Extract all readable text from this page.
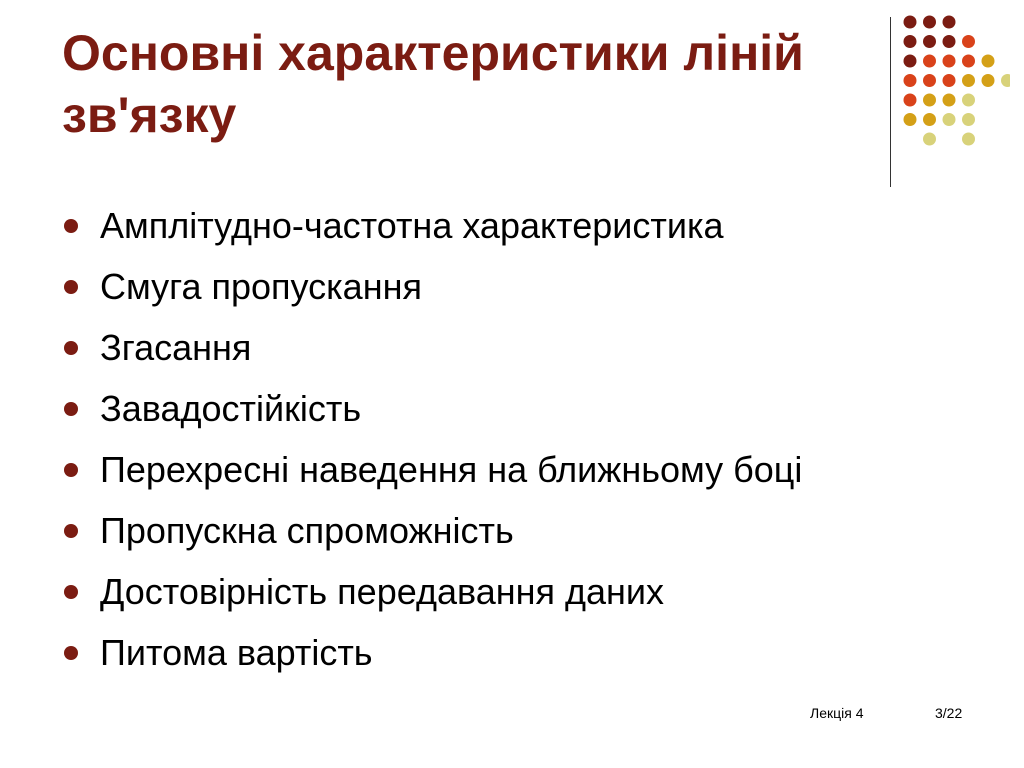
Основні характеристики ліній
зв'язку
Амплітудно-частотна характеристика
Смуга пропускання
Згасання
Завадостійкість
Перехресні наведення на ближньому боці
Пропускна спроможність
Достовірність передавання даних
Питома вартість
Лекція 4	3/22
